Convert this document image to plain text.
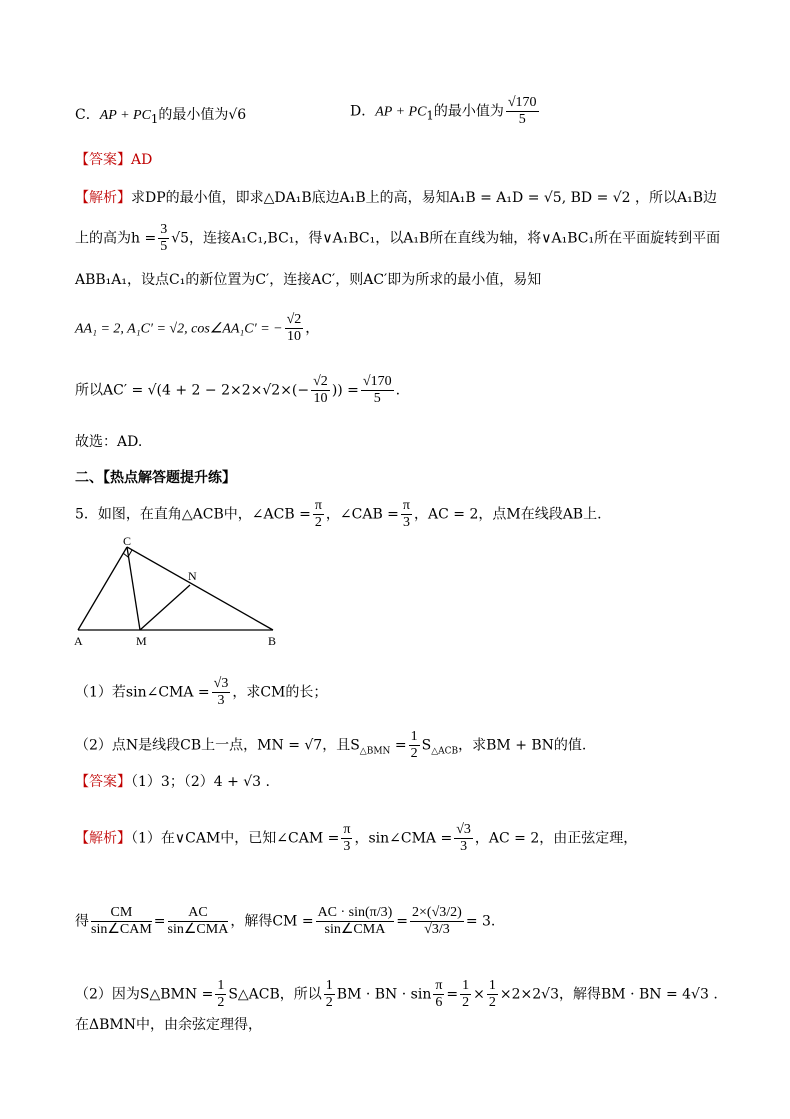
C．AP + $PC_1$的最小值为√6	D．AP + $PC_1$的最小值为 $\frac{√170}{5}$
【答案】AD
【解析】求DP的最小值，即求△DA₁B底边A₁B上的高，易知A₁B = A₁D = √5, BD = √2 ，所以A₁B边
上的高为$h = \frac{3}{5} √5$，连接A₁C₁,BC₁，得∨A₁BC₁，以A₁B所在直线为轴，将∨A₁BC₁所在平面旋转到平面
ABB₁A₁，设点C₁的新位置为C′，连接AC′，则AC′即为所求的最小值，易知
AA₁ = 2, A₁C′ = √2, cos∠AA₁C′ = − $\frac{√2}{10}$ ，
所以$AC' = √(4 + 2 - 2\times 2\times√2\times(- \frac{√2}{10}$ )) = $\frac{√170}{5}$ .
故选：AD.
二、【热点解答题提升练】
5．如图，在直角△ACB中，∠ACB = $\frac{\pi}{2}$ ，∠CAB = $\frac{\pi}{3}$ ，AC = 2，点M在线段AB上.
A	M	B
C
N
（1）若sin∠CMA = $\frac{√3}{3}$ ，求CM的长；
（2）点N是线段CB上一点，MN = √7，且$S_{\triangle BMN} = \frac{1}{2} S_{\triangle ACB}$，求BM + BN的值.
【答案】（1）3；（2）4 + √3 .
【解析】（1）在∨CAM中，已知∠CAM = $\frac{\pi}{3}$ ，sin∠CMA = $\frac{√3}{3}$ ，AC = 2，由正弦定理，
得 $\frac{CM}{\text{sin∠CAM}} = \frac{AC}{\text{sin∠CMA}}$ ，解得CM = $\frac{AC \cdot \sin(\pi/3)}{\text{sin∠CMA}} = \frac{2\times(√3/2)}{√3/3} = 3$.
（2）因为S△BMN = $\frac{1}{2}$ S△ACB，所以 $\frac{1}{2}$ BM · BN · $\sin \frac{\pi}{6} = \frac{1}{2} \times \frac{1}{2} \times 2\times 2√3$，解得BM · BN = 4√3 .
在ΔBMN中，由余弦定理得，
